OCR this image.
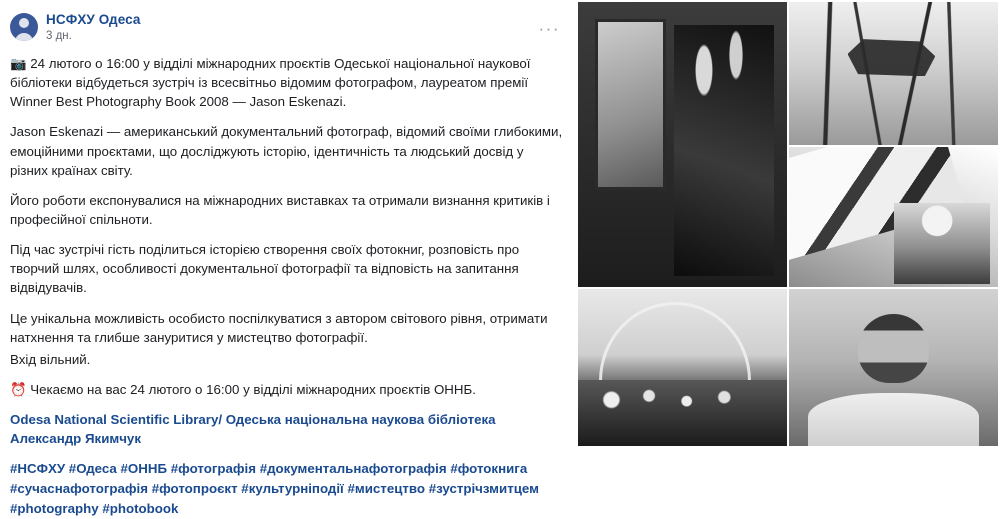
НСФХУ Одеса
3 дн.	···

📷 24 лютого о 16:00 у відділі міжнародних проєктів Одеської національної наукової бібліотеки відбудеться зустріч із всесвітньо відомим фотографом, лауреатом премії Winner Best Photography Book 2008 — Jason Eskenazi.

Jason Eskenazi — американський документальний фотограф, відомий своїми глибокими, емоційними проєктами, що досліджують історію, ідентичність та людський досвід у різних країнах світу.

Його роботи експонувалися на міжнародних виставках та отримали визнання критиків і професійної спільноти.

Під час зустрічі гість поділиться історією створення своїх фотокниг, розповість про творчий шлях, особливості документальної фотографії та відповість на запитання відвідувачів.

Це унікальна можливість особисто поспілкуватися з автором світового рівня, отримати натхнення та глибше зануритися у мистецтво фотографії.

Вхід вільний.

⏰ Чекаємо на вас 24 лютого о 16:00 у відділі міжнародних проєктів ОННБ.

Odesa National Scientific Library/ Одеська національна наукова бібліотека
Александр Якимчук
#НСФХУ #Одеса #ОННБ #фотографія #документальнафотографія #фотокнига #сучаснафотографія #фотопроєкт #культурніподії #мистецтво #зустрічзмитцем #photography #photobook
